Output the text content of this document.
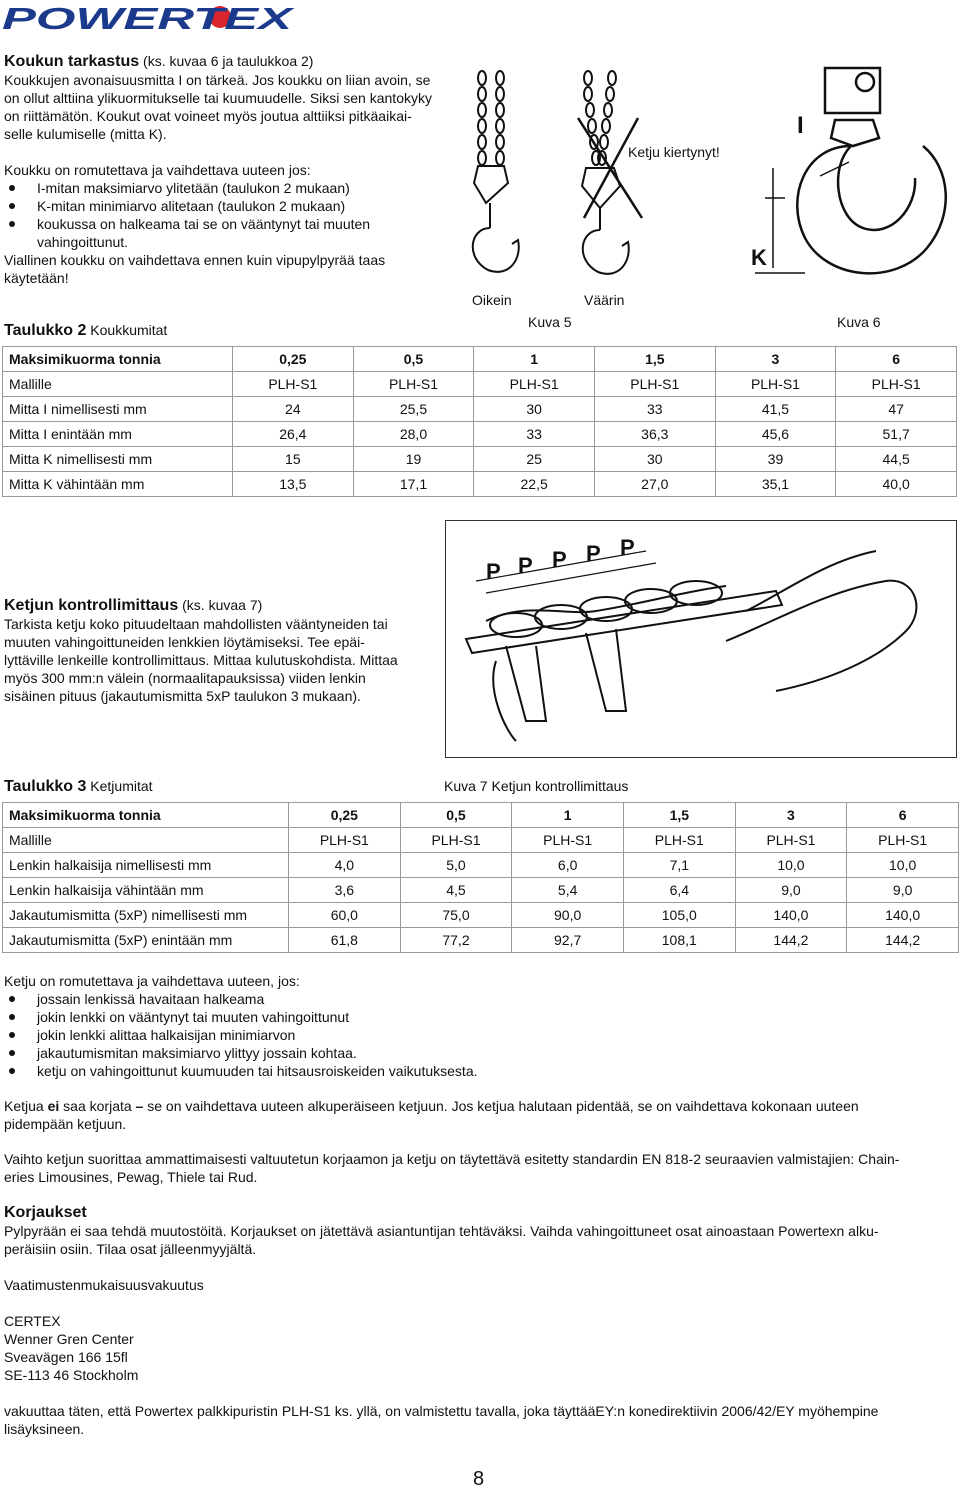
POWERTEX

Koukun tarkastus (ks. kuvaa 6 ja taulukkoa 2)

Koukkujen avonaisuusmitta I on tärkeä. Jos koukku on liian avoin, se

on ollut alttiina ylikuormitukselle tai kuumuudelle. Siksi sen kantokyky

on riittämätön. Koukut ovat voineet myös joutua alttiiksi pitkäaikai-

selle kulumiselle (mitta K).

Koukku on romutettava ja vaihdettava uuteen jos:

I-mitan maksimiarvo ylitetään (taulukon 2 mukaan)
K-mitan minimiarvo alitetaan (taulukon 2 mukaan)
koukussa on halkeama tai se on vääntynyt tai muuten

vahingoittunut.

Viallinen koukku on vaihdettava ennen kuin vipupylpyrää taas

käytetään!

Oikein	Väärin
Ketju kiertynyt!
Kuva 5
I
K
Kuva 6

Taulukko 2 Koukkumitat

Maksimikuorma tonnia	0,25	0,5	1	1,5	3	6
Mallille	PLH-S1	PLH-S1	PLH-S1	PLH-S1	PLH-S1	PLH-S1
Mitta I nimellisesti mm	24	25,5	30	33	41,5	47
Mitta I enintään mm	26,4	28,0	33	36,3	45,6	51,7
Mitta K nimellisesti mm	15	19	25	30	39	44,5
Mitta K vähintään mm	13,5	17,1	22,5	27,0	35,1	40,0

Ketjun kontrollimittaus (ks. kuvaa 7)

Tarkista ketju koko pituudeltaan mahdollisten vääntyneiden tai

muuten vahingoittuneiden lenkkien löytämiseksi. Tee epäi-

lyttäville lenkeille kontrollimittaus. Mittaa kulutuskohdista. Mittaa

myös 300 mm:n välein (normaalitapauksissa) viiden lenkin

sisäinen pituus (jakautumismitta 5xP taulukon 3 mukaan).

P P P P P

Taulukko 3 Ketjumitat	Kuva 7 Ketjun kontrollimittaus

Maksimikuorma tonnia	0,25	0,5	1	1,5	3	6
Mallille	PLH-S1	PLH-S1	PLH-S1	PLH-S1	PLH-S1	PLH-S1
Lenkin halkaisija nimellisesti mm	4,0	5,0	6,0	7,1	10,0	10,0
Lenkin halkaisija vähintään mm	3,6	4,5	5,4	6,4	9,0	9,0
Jakautumismitta (5xP) nimellisesti mm	60,0	75,0	90,0	105,0	140,0	140,0
Jakautumismitta (5xP) enintään mm	61,8	77,2	92,7	108,1	144,2	144,2

Ketju on romutettava ja vaihdettava uuteen, jos:

jossain lenkissä havaitaan halkeama
jokin lenkki on vääntynyt tai muuten vahingoittunut
jokin lenkki alittaa halkaisijan minimiarvon
jakautumismitan maksimiarvo ylittyy jossain kohtaa.
ketju on vahingoittunut kuumuuden tai hitsausroiskeiden vaikutuksesta.

Ketjua ei saa korjata – se on vaihdettava uuteen alkuperäiseen ketjuun. Jos ketjua halutaan pidentää, se on vaihdettava kokonaan uuteen

pidempään ketjuun.

Vaihto ketjun suorittaa ammattimaisesti valtuutetun korjaamon ja ketju on täytettävä esitetty standardin EN 818-2 seuraavien valmistajien: Chain-

eries Limousines, Pewag, Thiele tai Rud.

Korjaukset

Pylpyrään ei saa tehdä muutostöitä. Korjaukset on jätettävä asiantuntijan tehtäväksi. Vaihda vahingoittuneet osat ainoastaan Powertexn alku-

peräisiin osiin. Tilaa osat jälleenmyyjältä.

Vaatimustenmukaisuusvakuutus

CERTEX

Wenner Gren Center

Sveavägen 166 15fl

SE-113 46 Stockholm

vakuuttaa täten, että Powertex palkkipuristin PLH-S1 ks. yllä, on valmistettu tavalla, joka täyttääEY:n konedirektiivin 2006/42/EY myöhempine

lisäyksineen.

8
